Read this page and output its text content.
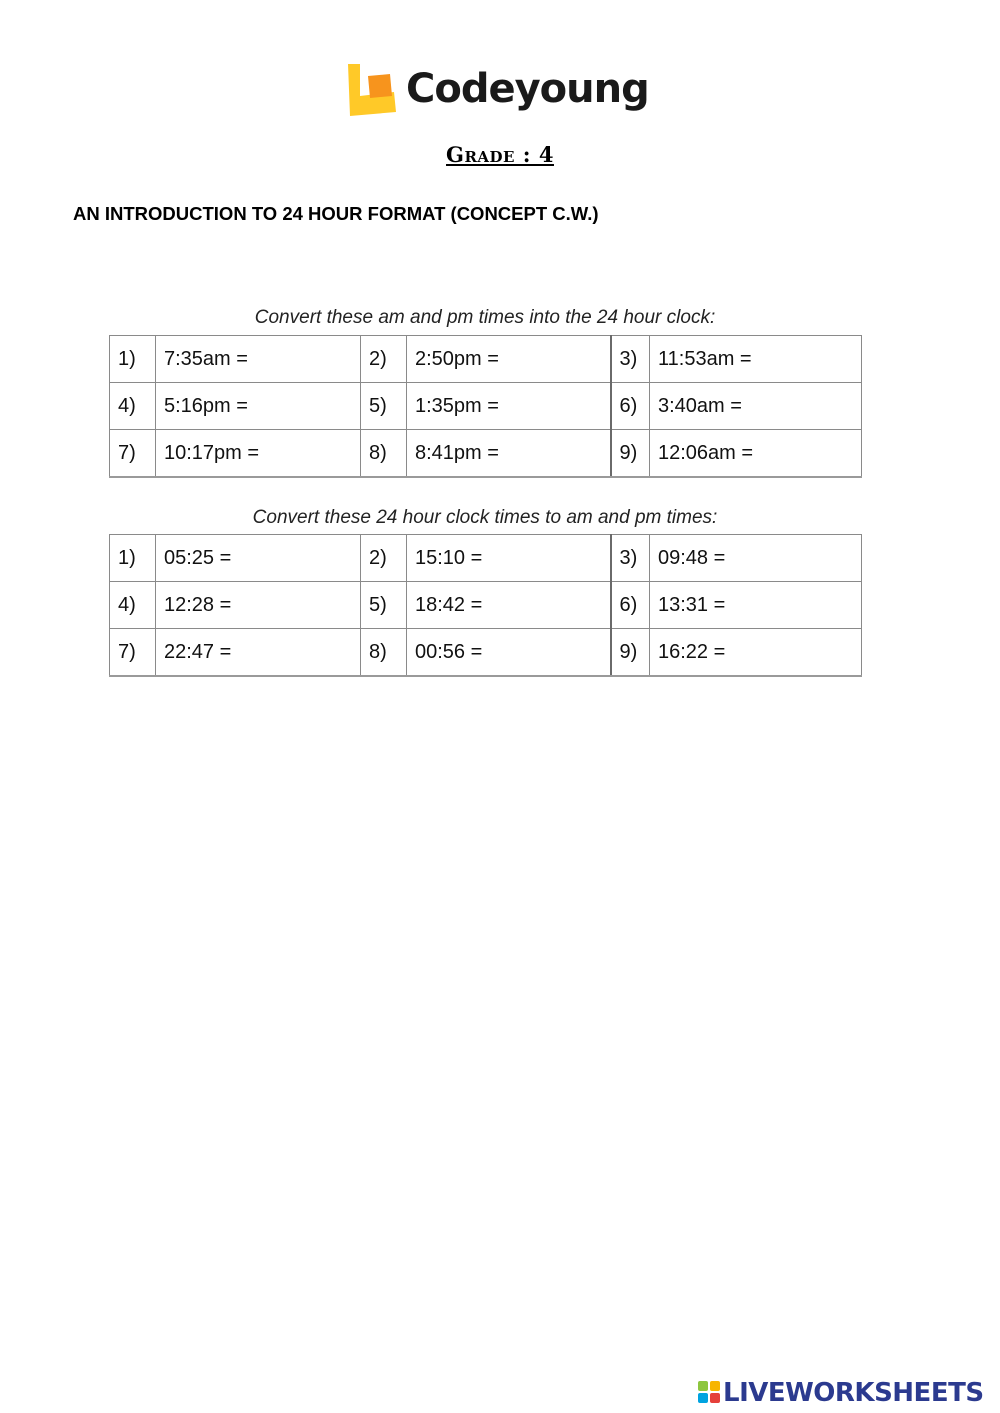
Codeyoung
Grade : 4
AN INTRODUCTION TO 24 HOUR FORMAT (CONCEPT C.W.)
Convert these am and pm times into the 24 hour clock:
1)	7:35am =	2)	2:50pm =	3)	11:53am =
4)	5:16pm =	5)	1:35pm =	6)	3:40am =
7)	10:17pm =	8)	8:41pm =	9)	12:06am =
Convert these 24 hour clock times to am and pm times:
1)	05:25 =	2)	15:10 =	3)	09:48 =
4)	12:28 =	5)	18:42 =	6)	13:31 =
7)	22:47 =	8)	00:56 =	9)	16:22 =
LIVEWORKSHEETS
